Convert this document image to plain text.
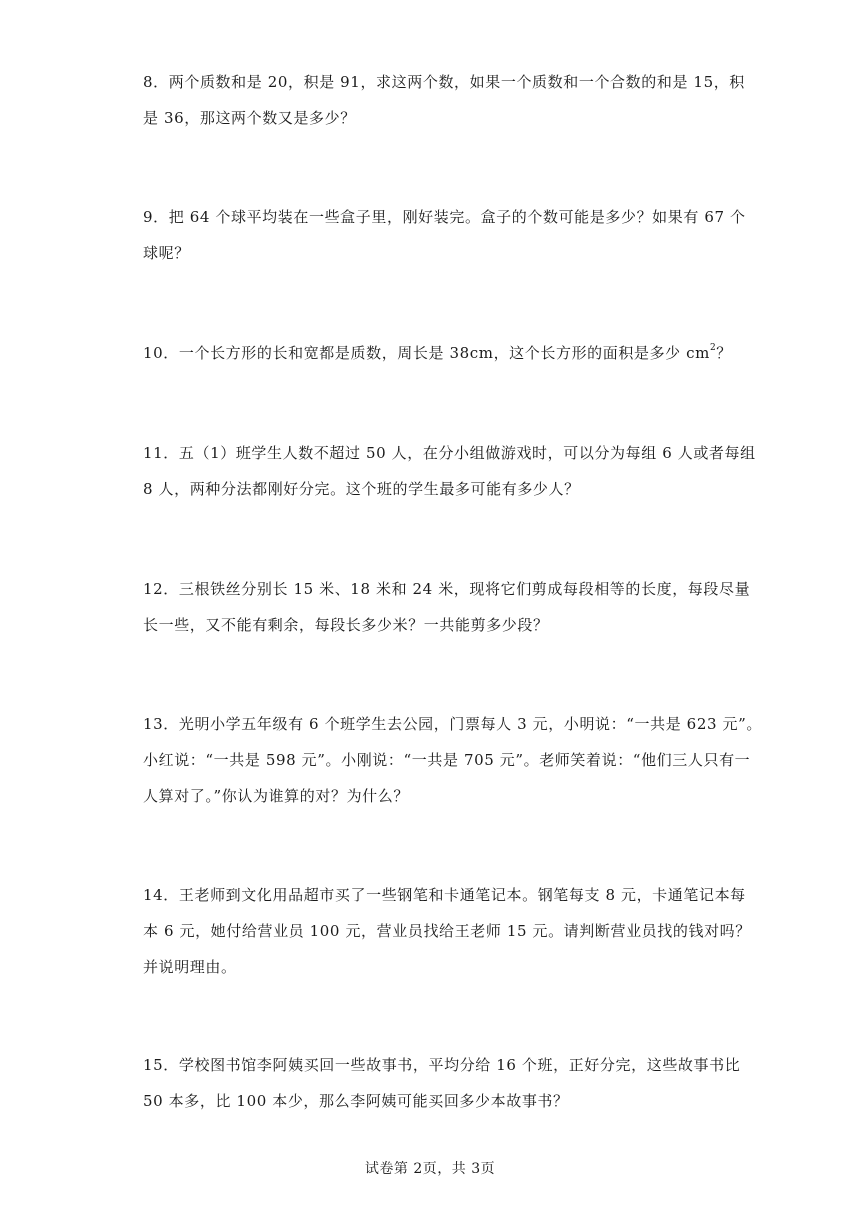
8．两个质数和是 20，积是 91，求这两个数，如果一个质数和一个合数的和是 15，积
是 36，那这两个数又是多少？
9．把 64 个球平均装在一些盒子里，刚好装完。盒子的个数可能是多少？如果有 67 个
球呢？
10．一个长方形的长和宽都是质数，周长是 38cm，这个长方形的面积是多少 $cm^2$？
11．五（1）班学生人数不超过 50 人，在分小组做游戏时，可以分为每组 6 人或者每组
8 人，两种分法都刚好分完。这个班的学生最多可能有多少人？
12．三根铁丝分别长 15 米、18 米和 24 米，现将它们剪成每段相等的长度，每段尽量
长一些，又不能有剩余，每段长多少米？一共能剪多少段？
13．光明小学五年级有 6 个班学生去公园，门票每人 3 元，小明说：“一共是 623 元”。
小红说：“一共是 598 元”。小刚说：“一共是 705 元”。老师笑着说：“他们三人只有一
人算对了。”你认为谁算的对？为什么？
14．王老师到文化用品超市买了一些钢笔和卡通笔记本。钢笔每支 8 元，卡通笔记本每
本 6 元，她付给营业员 100 元，营业员找给王老师 15 元。请判断营业员找的钱对吗？
并说明理由。
15．学校图书馆李阿姨买回一些故事书，平均分给 16 个班，正好分完，这些故事书比
50 本多，比 100 本少，那么李阿姨可能买回多少本故事书？
试卷第 2页，共 3页
